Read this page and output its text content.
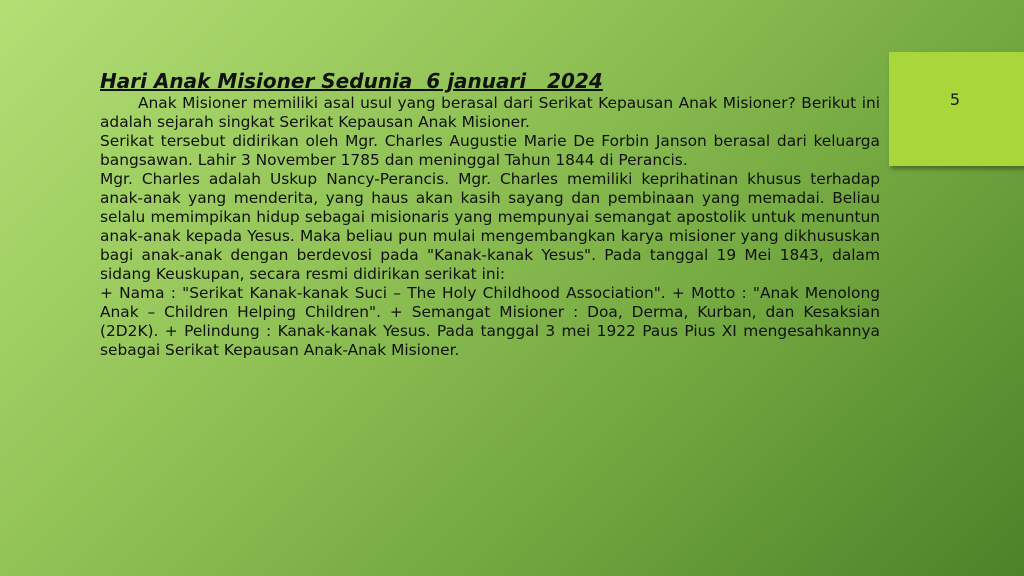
5
Hari Anak Misioner Sedunia  6 januari   2024

Anak Misioner memiliki asal usul yang berasal dari Serikat Kepausan Anak Misioner? Berikut ini adalah sejarah singkat Serikat Kepausan Anak Misioner.

Serikat tersebut didirikan oleh Mgr. Charles Augustie Marie De Forbin Janson berasal dari keluarga bangsawan. Lahir 3 November 1785 dan meninggal Tahun 1844 di Perancis.

Mgr. Charles adalah Uskup Nancy-Perancis. Mgr. Charles memiliki keprihatinan khusus terhadap anak-anak yang menderita, yang haus akan kasih sayang dan pembinaan yang memadai. Beliau selalu memimpikan hidup sebagai misionaris yang mempunyai semangat apostolik untuk menuntun anak-anak kepada Yesus. Maka beliau pun mulai mengembangkan karya misioner yang dikhususkan bagi anak-anak dengan berdevosi pada "Kanak-kanak Yesus". Pada tanggal 19 Mei 1843, dalam sidang Keuskupan, secara resmi didirikan serikat ini:

+ Nama : "Serikat Kanak-kanak Suci – The Holy Childhood Association". + Motto : "Anak Menolong Anak – Children Helping Children". + Semangat Misioner : Doa, Derma, Kurban, dan Kesaksian (2D2K). + Pelindung : Kanak-kanak Yesus. Pada tanggal 3 mei 1922 Paus Pius XI mengesahkannya sebagai Serikat Kepausan Anak-Anak Misioner.
